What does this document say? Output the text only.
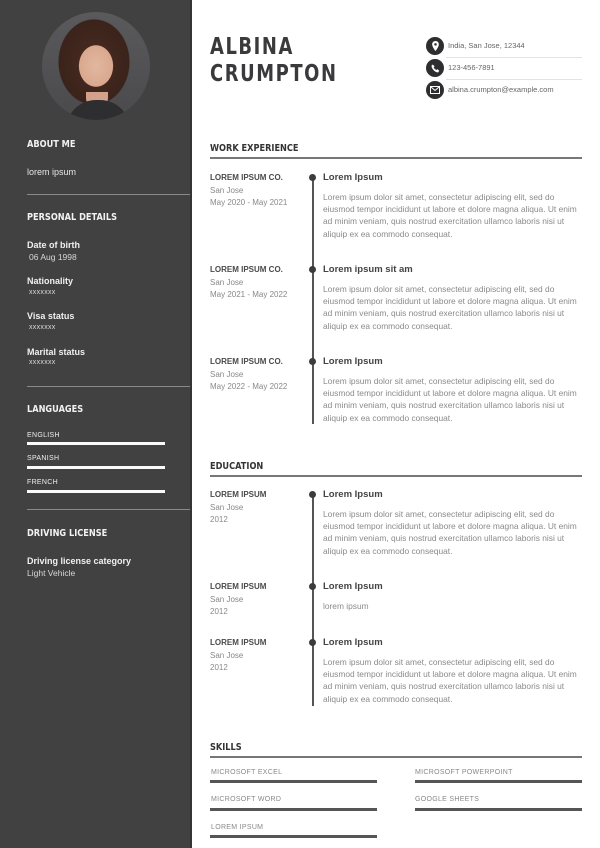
ABOUT ME
lorem ipsum
PERSONAL DETAILS
Date of birth
06 Aug 1998
Nationality
xxxxxxx
Visa status
xxxxxxx
Marital status
xxxxxxx
LANGUAGES
ENGLISH
SPANISH
FRENCH
DRIVING LICENSE
Driving license category
Light Vehicle
ALBINA
CRUMPTON
India, San Jose, 12344
123-456-7891
albina.crumpton@example.com
WORK EXPERIENCE
LOREM IPSUM CO.
San Jose
May 2020 - May 2021
Lorem Ipsum
Lorem ipsum dolor sit amet, consectetur adipiscing elit, sed do eiusmod tempor incididunt ut labore et dolore magna aliqua. Ut enim ad minim veniam, quis nostrud exercitation ullamco laboris nisi ut aliquip ex ea commodo consequat.
LOREM IPSUM CO.
San Jose
May 2021 - May 2022
Lorem ipsum sit am
Lorem ipsum dolor sit amet, consectetur adipiscing elit, sed do eiusmod tempor incididunt ut labore et dolore magna aliqua. Ut enim ad minim veniam, quis nostrud exercitation ullamco laboris nisi ut aliquip ex ea commodo consequat.
LOREM IPSUM CO.
San Jose
May 2022 - May 2022
Lorem Ipsum
Lorem ipsum dolor sit amet, consectetur adipiscing elit, sed do eiusmod tempor incididunt ut labore et dolore magna aliqua. Ut enim ad minim veniam, quis nostrud exercitation ullamco laboris nisi ut aliquip ex ea commodo consequat.
EDUCATION
LOREM IPSUM
San Jose
2012
Lorem Ipsum
Lorem ipsum dolor sit amet, consectetur adipiscing elit, sed do eiusmod tempor incididunt ut labore et dolore magna aliqua. Ut enim ad minim veniam, quis nostrud exercitation ullamco laboris nisi ut aliquip ex ea commodo consequat.
LOREM IPSUM
San Jose
2012
Lorem Ipsum
lorem ipsum
LOREM IPSUM
San Jose
2012
Lorem Ipsum
Lorem ipsum dolor sit amet, consectetur adipiscing elit, sed do eiusmod tempor incididunt ut labore et dolore magna aliqua. Ut enim ad minim veniam, quis nostrud exercitation ullamco laboris nisi ut aliquip ex ea commodo consequat.
SKILLS
MICROSOFT EXCEL	MICROSOFT POWERPOINT
MICROSOFT WORD	GOOGLE SHEETS
LOREM IPSUM
